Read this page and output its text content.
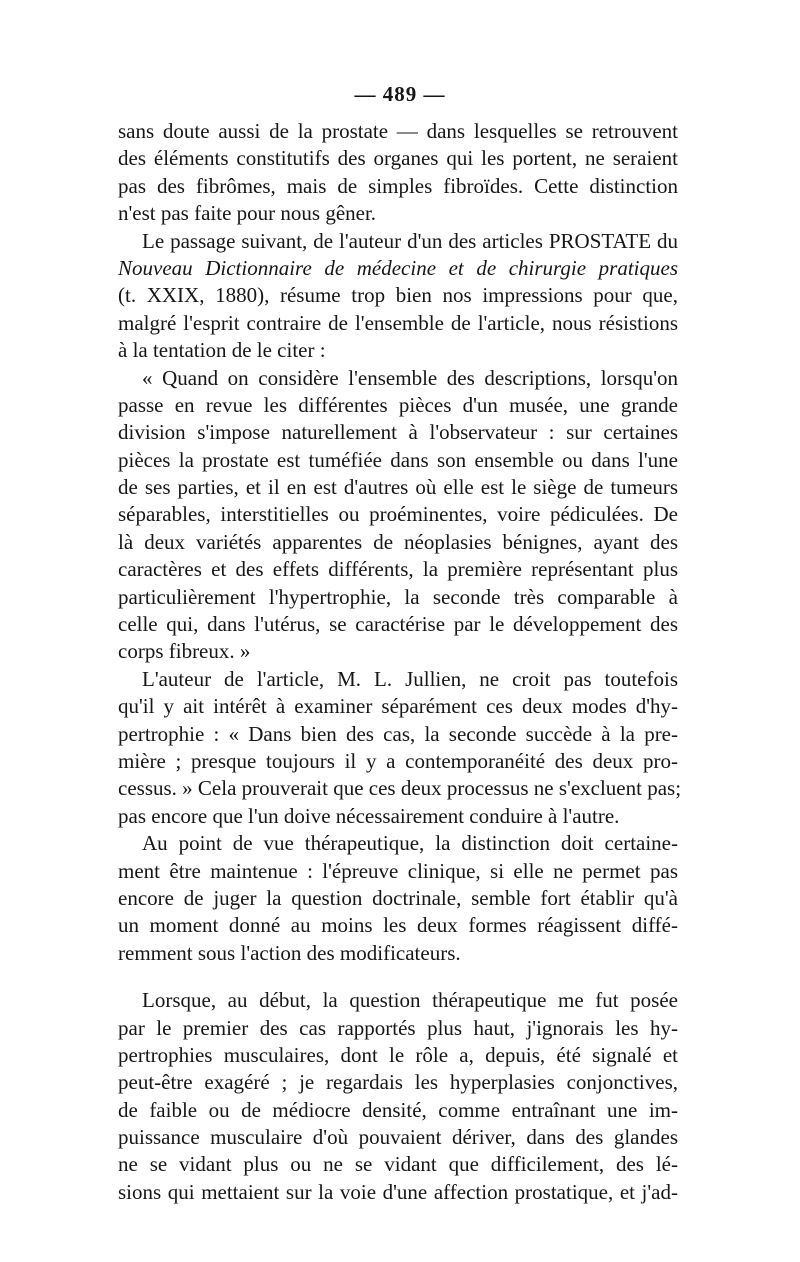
— 489 —
sans doute aussi de la prostate — dans lesquelles se retrouvent
des éléments constitutifs des organes qui les portent, ne seraient
pas des fibrômes, mais de simples fibroïdes. Cette distinction
n'est pas faite pour nous gêner.
Le passage suivant, de l'auteur d'un des articles PROSTATE du
Nouveau Dictionnaire de médecine et de chirurgie pratiques
(t. XXIX, 1880), résume trop bien nos impressions pour que,
malgré l'esprit contraire de l'ensemble de l'article, nous résistions
à la tentation de le citer :
« Quand on considère l'ensemble des descriptions, lorsqu'on
passe en revue les différentes pièces d'un musée, une grande
division s'impose naturellement à l'observateur : sur certaines
pièces la prostate est tuméfiée dans son ensemble ou dans l'une
de ses parties, et il en est d'autres où elle est le siège de tumeurs
séparables, interstitielles ou proéminentes, voire pédiculées. De
là deux variétés apparentes de néoplasies bénignes, ayant des
caractères et des effets différents, la première représentant plus
particulièrement l'hypertrophie, la seconde très comparable à
celle qui, dans l'utérus, se caractérise par le développement des
corps fibreux. »
L'auteur de l'article, M. L. Jullien, ne croit pas toutefois
qu'il y ait intérêt à examiner séparément ces deux modes d'hy-
pertrophie : « Dans bien des cas, la seconde succède à la pre-
mière ; presque toujours il y a contemporanéité des deux pro-
cessus. » Cela prouverait que ces deux processus ne s'excluent pas;
pas encore que l'un doive nécessairement conduire à l'autre.
Au point de vue thérapeutique, la distinction doit certaine-
ment être maintenue : l'épreuve clinique, si elle ne permet pas
encore de juger la question doctrinale, semble fort établir qu'à
un moment donné au moins les deux formes réagissent diffé-
remment sous l'action des modificateurs.
Lorsque, au début, la question thérapeutique me fut posée
par le premier des cas rapportés plus haut, j'ignorais les hy-
pertrophies musculaires, dont le rôle a, depuis, été signalé et
peut-être exagéré ; je regardais les hyperplasies conjonctives,
de faible ou de médiocre densité, comme entraînant une im-
puissance musculaire d'où pouvaient dériver, dans des glandes
ne se vidant plus ou ne se vidant que difficilement, des lé-
sions qui mettaient sur la voie d'une affection prostatique, et j'ad-
